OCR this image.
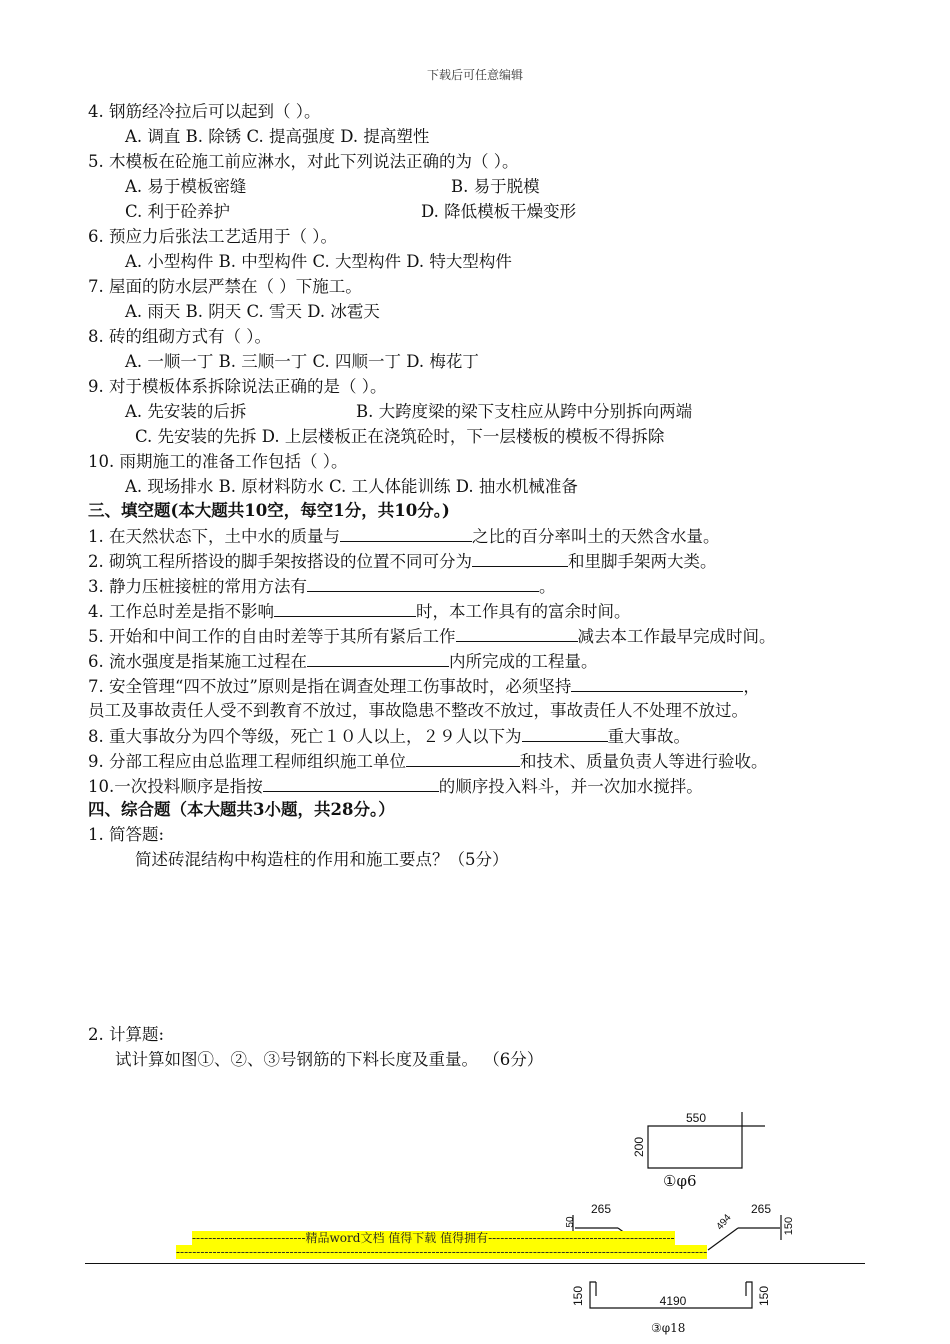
下载后可任意编辑
4. 钢筋经冷拉后可以起到（ ）。
A. 调直 B. 除锈 C. 提高强度 D. 提高塑性
5. 木模板在砼施工前应淋水，对此下列说法正确的为（ ）。
A. 易于模板密缝	B. 易于脱模
C. 利于砼养护	D. 降低模板干燥变形
6. 预应力后张法工艺适用于（ ）。
A. 小型构件 B. 中型构件 C. 大型构件 D. 特大型构件
7. 屋面的防水层严禁在（ ）下施工。
A. 雨天 B. 阴天 C. 雪天 D. 冰雹天
8. 砖的组砌方式有（ ）。
A. 一顺一丁 B. 三顺一丁 C. 四顺一丁 D. 梅花丁
9. 对于模板体系拆除说法正确的是（ ）。
A. 先安装的后拆	B. 大跨度梁的梁下支柱应从跨中分别拆向两端
C. 先安装的先拆 D. 上层楼板正在浇筑砼时，下一层楼板的模板不得拆除
10. 雨期施工的准备工作包括（ ）。
A. 现场排水 B. 原材料防水 C. 工人体能训练 D. 抽水机械准备
三、填空题(本大题共10空，每空1分，共10分。)
1. 在天然状态下，土中水的质量与	之比的百分率叫土的天然含水量。
2. 砌筑工程所搭设的脚手架按搭设的位置不同可分为	和里脚手架两大类。
3. 静力压桩接桩的常用方法有	。
4. 工作总时差是指不影响	时，本工作具有的富余时间。
5. 开始和中间工作的自由时差等于其所有紧后工作	减去本工作最早完成时间。
6. 流水强度是指某施工过程在	内所完成的工程量。
7. 安全管理“四不放过”原则是指在调查处理工伤事故时，必须坚持	，
员工及事故责任人受不到教育不放过，事故隐患不整改不放过，事故责任人不处理不放过。
8. 重大事故分为四个等级，死亡１０人以上，２９人以下为	重大事故。
9. 分部工程应由总监理工程师组织施工单位	和技术、质量负责人等进行验收。
10.一次投料顺序是指按	的顺序投入料斗，并一次加水搅拌。
四、综合题（本大题共3小题，共28分。）
1. 简答题:
简述砖混结构中构造柱的作用和施工要点？（5分）
2. 计算题:
试计算如图①、②、③号钢筋的下料长度及重量。 （6分）
550
200
265	265
50	494	150
4190
150	150
①φ6
③φ18
----------------------------精品word文档 值得下载 值得拥有----------------------------------------------
-----------------------------------------------------------------------------------------------------------------------------------
